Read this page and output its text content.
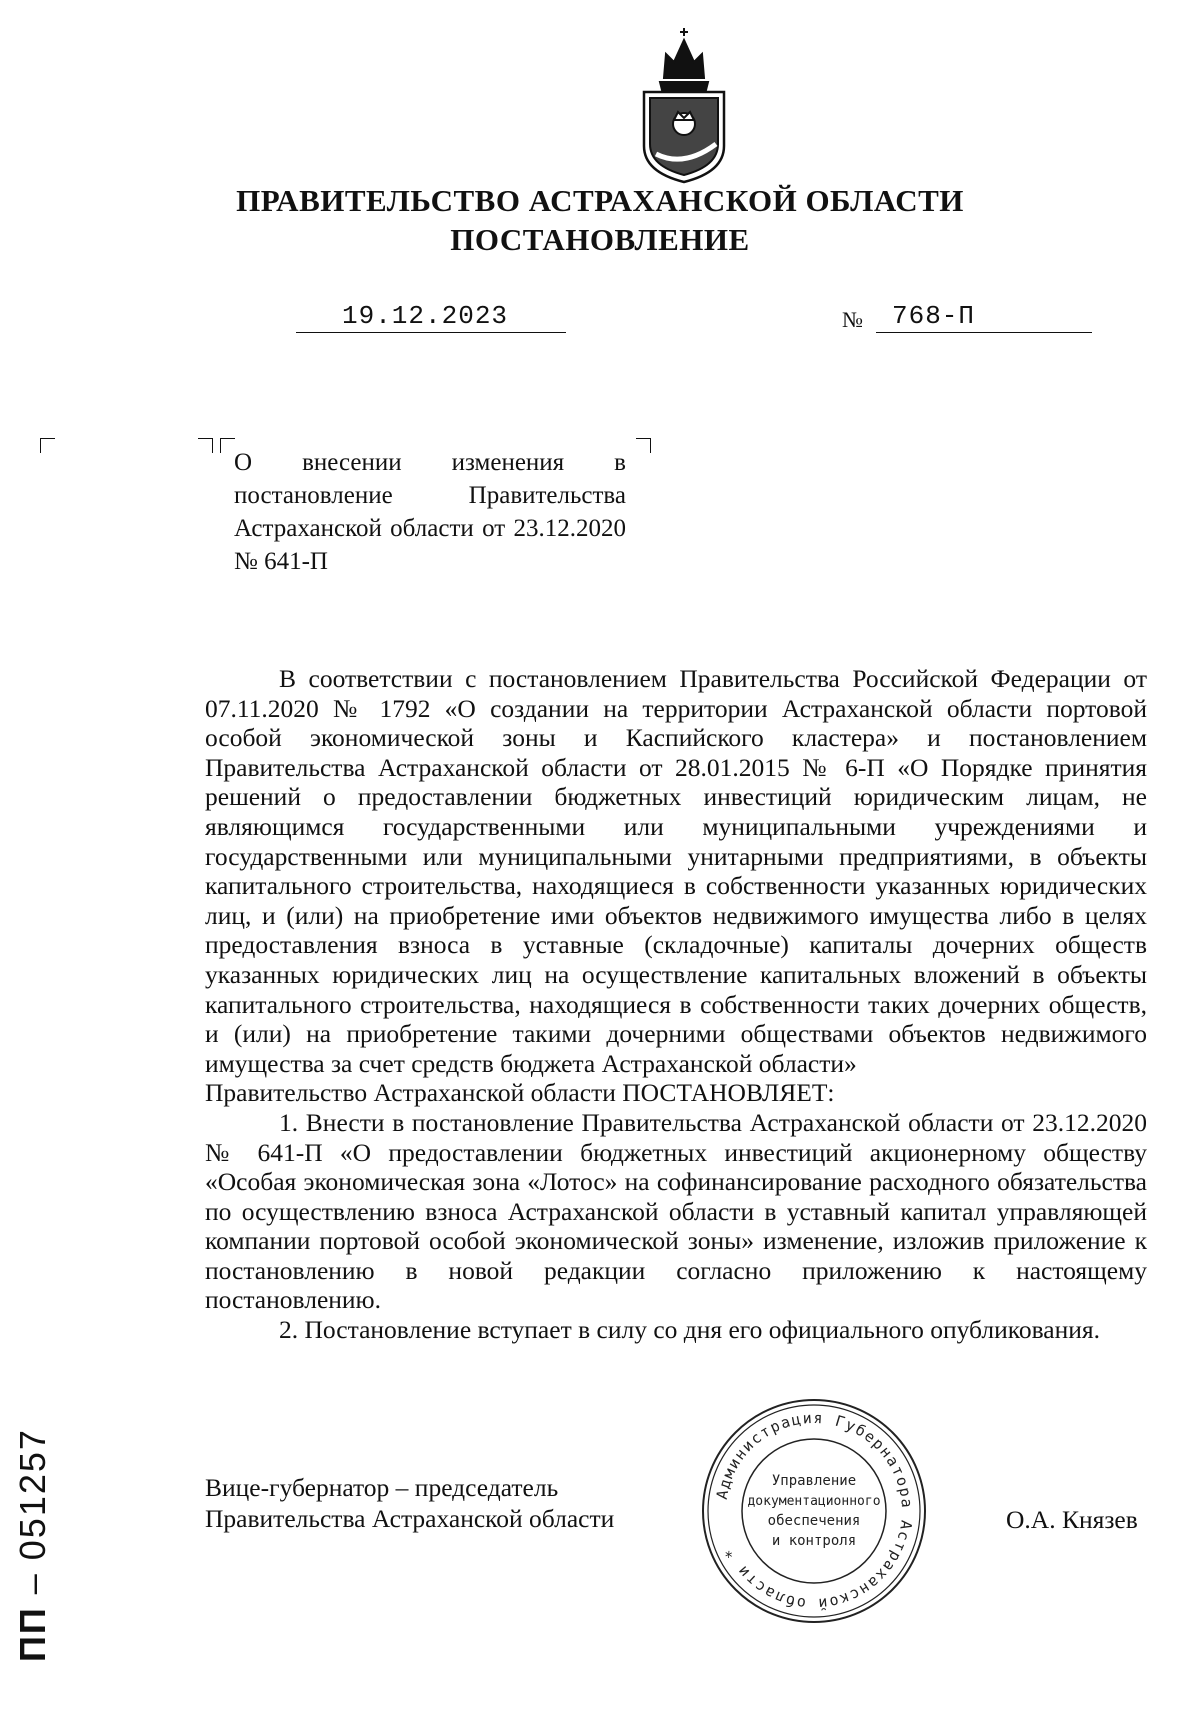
ПРАВИТЕЛЬСТВО АСТРАХАНСКОЙ ОБЛАСТИ
ПОСТАНОВЛЕНИЕ
19.12.2023	№ 768-П
О внесении изменения в постановление Правительства Астраханской области от 23.12.2020 № 641-П

В соответствии с постановлением Правительства Российской Федерации от 07.11.2020 № 1792 «О создании на территории Астраханской области портовой особой экономической зоны и Каспийского кластера» и постановлением Правительства Астраханской области от 28.01.2015 № 6-П «О Порядке принятия решений о предоставлении бюджетных инвестиций юридическим лицам, не являющимся государственными или муниципальными учреждениями и государственными или муниципальными унитарными предприятиями, в объекты капитального строительства, находящиеся в собственности указанных юридических лиц, и (или) на приобретение ими объектов недвижимого имущества либо в целях предоставления взноса в уставные (складочные) капиталы дочерних обществ указанных юридических лиц на осуществление капитальных вложений в объекты капитального строительства, находящиеся в собственности таких дочерних обществ, и (или) на приобретение такими дочерними обществами объектов недвижимого имущества за счет средств бюджета Астраханской области»

Правительство Астраханской области ПОСТАНОВЛЯЕТ:

1. Внести в постановление Правительства Астраханской области от 23.12.2020 № 641-П «О предоставлении бюджетных инвестиций акционерному обществу «Особая экономическая зона «Лотос» на софинансирование расходного обязательства по осуществлению взноса Астраханской области в уставный капитал управляющей компании портовой особой экономической зоны» изменение, изложив приложение к постановлению в новой редакции согласно приложению к настоящему постановлению.

2. Постановление вступает в силу со дня его официального опубликования.

Вице-губернатор – председатель
Правительства Астраханской области	О.А. Князев
Администрация Губернатора Астраханской области *
Управление
документационного
обеспечения
и контроля
ПП – 051257
